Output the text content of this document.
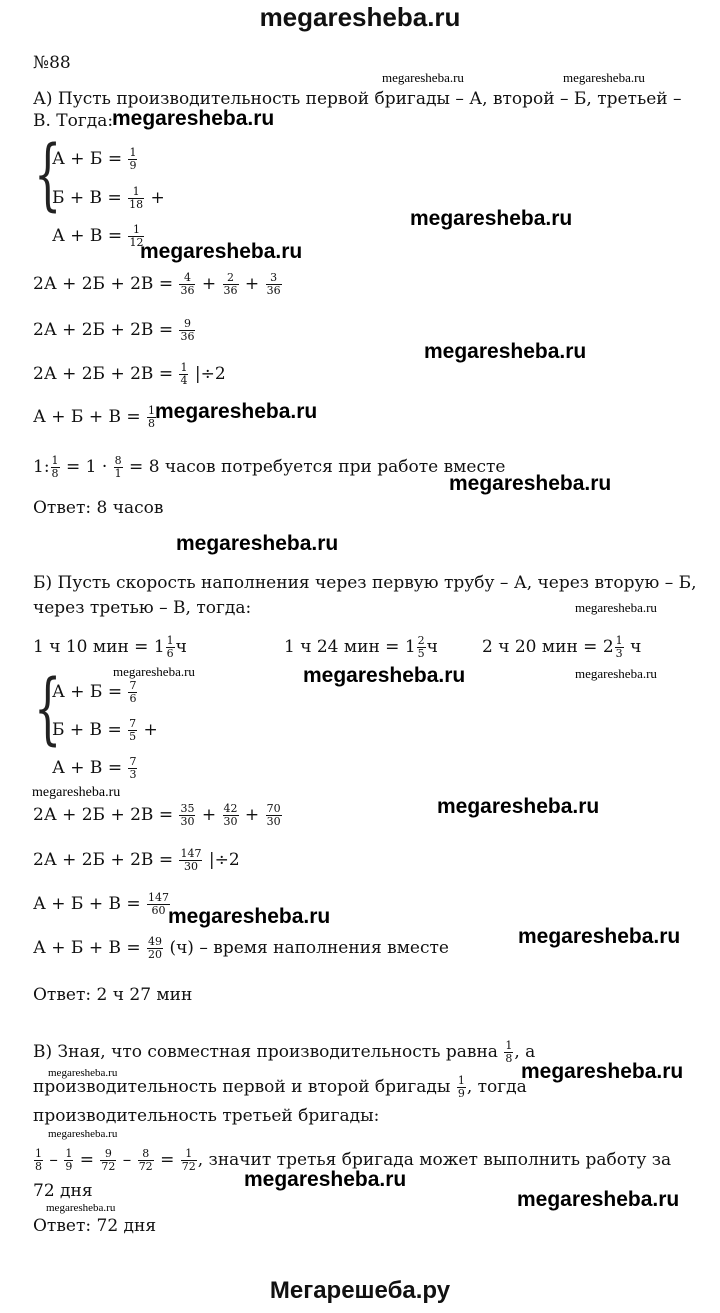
megaresheba.ru
Мегарешеба.ру
megaresheba.ru	megaresheba.ru
megaresheba.ru
megaresheba.ru
megaresheba.ru
megaresheba.ru
megaresheba.ru
megaresheba.ru
megaresheba.ru
megaresheba.ru
megaresheba.ru	megaresheba.ru	megaresheba.ru
megaresheba.ru
megaresheba.ru
megaresheba.ru
megaresheba.ru
megaresheba.ru	megaresheba.ru
megaresheba.ru
megaresheba.ru
megaresheba.ru
megaresheba.ru
№88
А) Пусть производительность первой бригады – А, второй – Б, третьей –
В. Тогда:
{
$А + Б = \frac{1}{9}$
$Б + В = \frac{1}{18}$ +
$А + В = \frac{1}{12}$
$2А + 2Б + 2В = \frac{4}{36} + \frac{2}{36} + \frac{3}{36}$
$2А + 2Б + 2В = \frac{9}{36}$
$2А + 2Б + 2В = \frac{1}{4} |\div 2$
$А + Б + В = \frac{1}{8}$
1: $\frac{1}{8} = 1 \cdot \frac{8}{1} = 8$ часов потребуется при работе вместе
Ответ: 8 часов
Б) Пусть скорость наполнения через первую трубу – А, через вторую – Б,
через третью – В, тогда:
1 ч 10 мин = $1 \frac{1}{6}$ ч	1 ч 24 мин = $1 \frac{2}{5}$ ч	2 ч 20 мин = $2 \frac{1}{3}$ ч
{
$А + Б = \frac{7}{6}$
$Б + В = \frac{7}{5}$ +
$А + В = \frac{7}{3}$
$2А + 2Б + 2В = \frac{35}{30} + \frac{42}{30} + \frac{70}{30}$
$2А + 2Б + 2В = \frac{147}{30} |\div 2$
$А + Б + В = \frac{147}{60}$
$А + Б + В = \frac{49}{20} (ч)$ – время наполнения вместе
Ответ: 2 ч 27 мин
В) Зная, что совместная производительность равна $\frac{1}{8}$ , а
производительность первой и второй бригады $\frac{1}{9}$ , тогда
производительность третьей бригады:
$\frac{1}{8} - \frac{1}{9} = \frac{9}{72} - \frac{8}{72} = \frac{1}{72}$ , значит третья бригада может выполнить работу за
72 дня
Ответ: 72 дня
